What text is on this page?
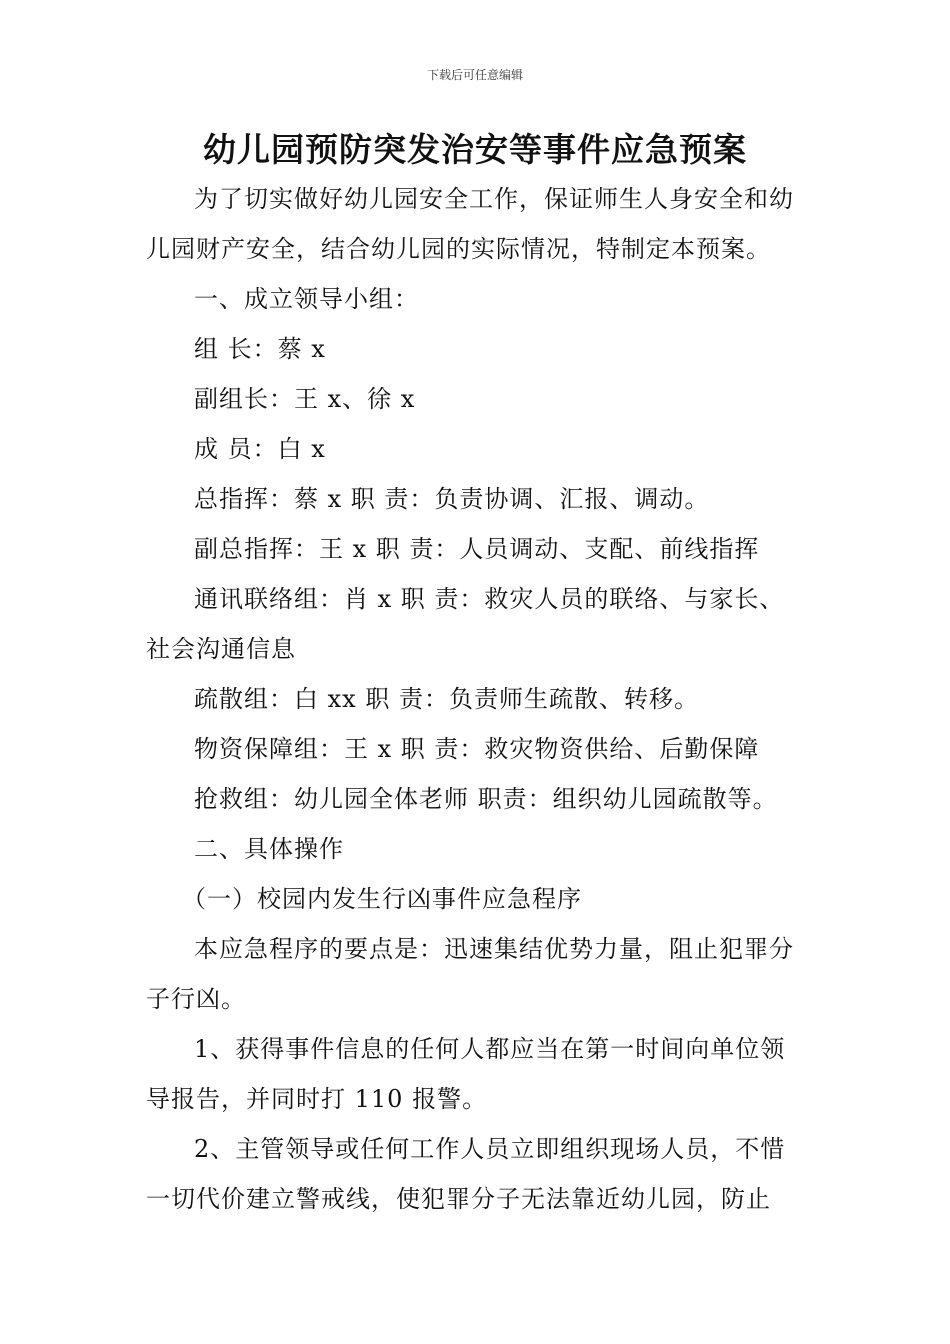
下载后可任意编辑
幼儿园预防突发治安等事件应急预案

为了切实做好幼儿园安全工作，保证师生人身安全和幼儿园财产安全，结合幼儿园的实际情况，特制定本预案。

一、成立领导小组：

组 长：蔡 x

副组长：王 x、徐 x

成 员：白 x

总指挥：蔡 x 职 责：负责协调、汇报、调动。

副总指挥：王 x 职 责：人员调动、支配、前线指挥

通讯联络组：肖 x 职 责：救灾人员的联络、与家长、社会沟通信息

疏散组：白 xx 职 责：负责师生疏散、转移。

物资保障组：王 x 职 责：救灾物资供给、后勤保障

抢救组：幼儿园全体老师 职责：组织幼儿园疏散等。

二、具体操作

（一）校园内发生行凶事件应急程序

本应急程序的要点是：迅速集结优势力量，阻止犯罪分子行凶。

1、获得事件信息的任何人都应当在第一时间向单位领导报告，并同时打 110 报警。

2、主管领导或任何工作人员立即组织现场人员，不惜一切代价建立警戒线，使犯罪分子无法靠近幼儿园，防止
